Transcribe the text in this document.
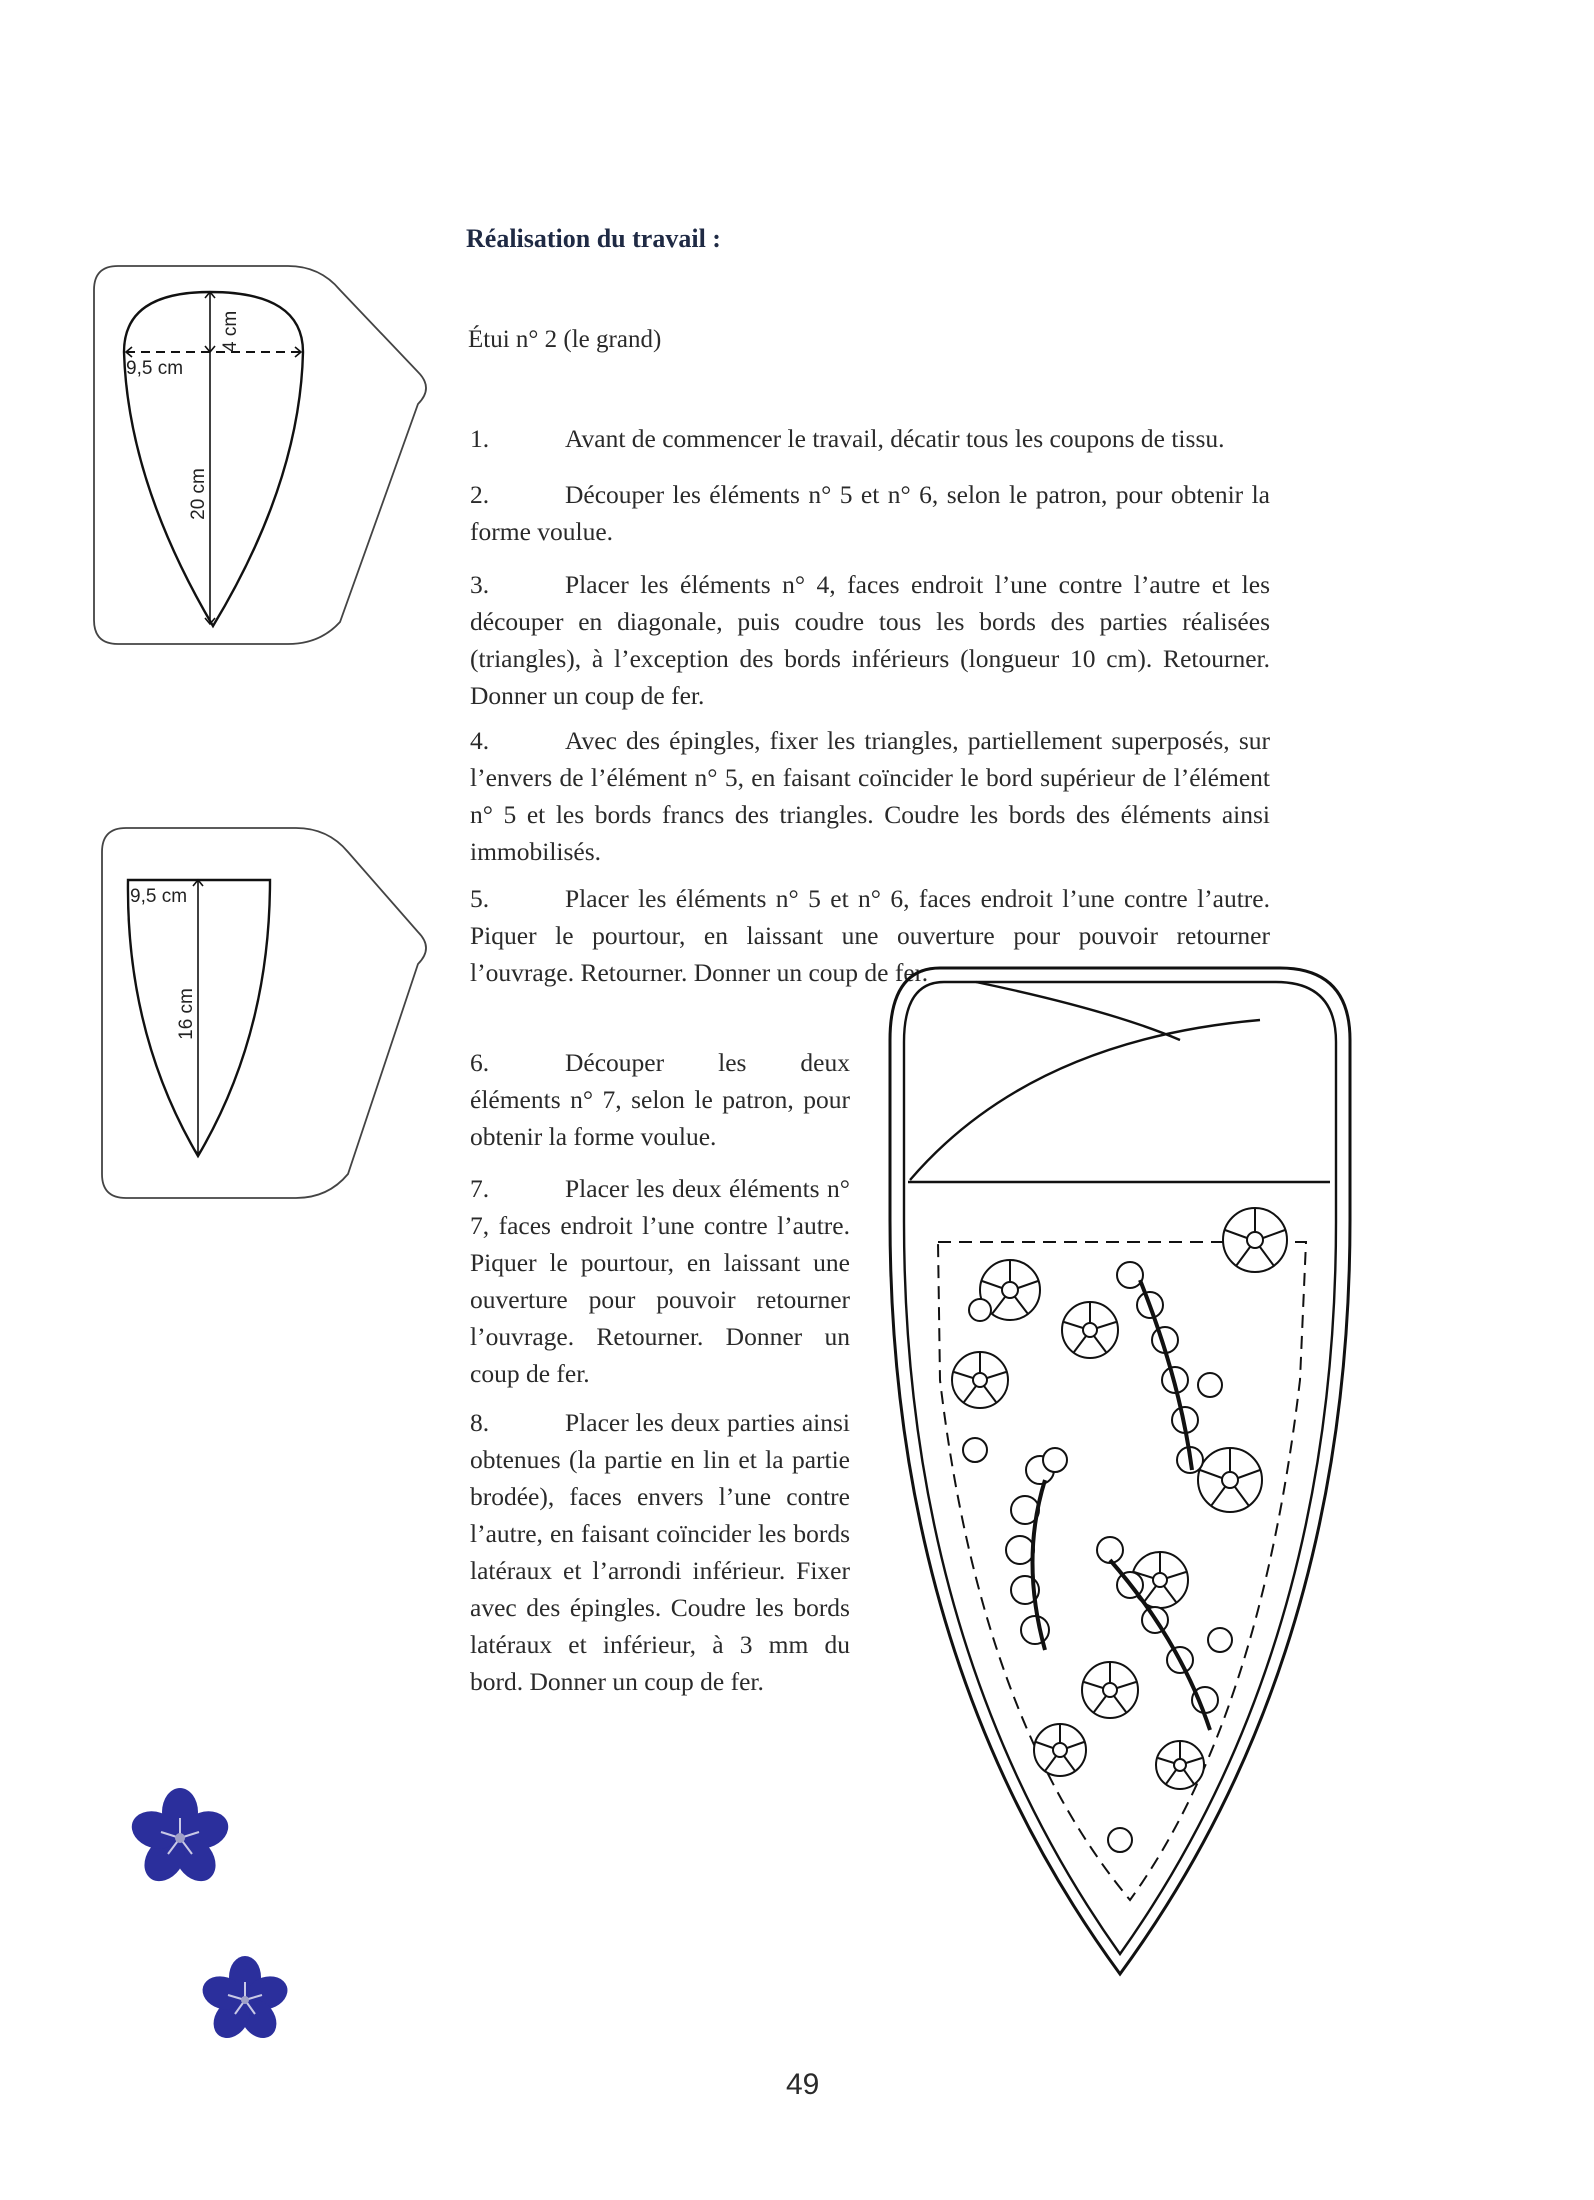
Réalisation du travail :
Étui n° 2 (le grand)

1.	Avant de commencer le travail, décatir tous les coupons de tissu.

2.	Découper les éléments n° 5 et n° 6, selon le patron, pour obtenir la forme voulue.

3.	Placer les éléments n° 4, faces endroit l’une contre l’autre et les découper en diagonale, puis coudre tous les bords des parties réalisées (triangles), à l’exception des bords inférieurs (longueur 10 cm). Retourner. Donner un coup de fer.

4.	Avec des épingles, fixer les triangles, partiellement superposés, sur l’envers de l’élément n° 5, en faisant coïncider le bord supérieur de l’élément n° 5 et les bords francs des triangles. Coudre les bords des éléments ainsi immobilisés.

5.	Placer les éléments n° 5 et n° 6, faces endroit l’une contre l’autre. Piquer le pourtour, en laissant une ouverture pour pouvoir retourner l’ouvrage. Retourner. Donner un coup de fer.

6.	Découper les deux éléments n° 7, selon le patron, pour obtenir la forme voulue.

7.	Placer les deux éléments n° 7, faces endroit l’une contre l’autre. Piquer le pourtour, en laissant une ouverture pour pouvoir retourner l’ouvrage. Retourner. Donner un coup de fer.

8.	Placer les deux parties ainsi obtenues (la partie en lin et la partie brodée), faces envers l’une contre l’autre, en faisant coïncider les bords latéraux et l’arrondi inférieur. Fixer avec des épingles. Coudre les bords latéraux et inférieur, à 3 mm du bord. Donner un coup de fer.

9,5 cm
4 cm
20 cm
9,5 cm
16 cm
49
